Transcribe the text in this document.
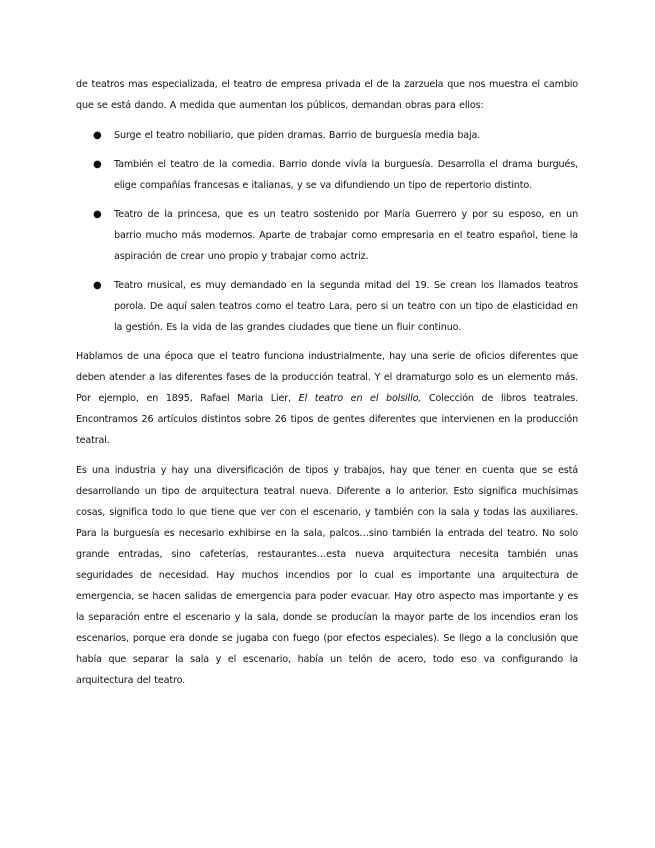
de teatros mas especializada, el teatro de empresa privada el de la zarzuela que nos muestra el cambio que se está dando. A medida que aumentan los públicos, demandan obras para ellos:

● Surge el teatro nobiliario, que piden dramas. Barrio de burguesía media baja.
● También el teatro de la comedia. Barrio donde vivía la burguesía. Desarrolla el drama burgués, elige compañías francesas e italianas, y se va difundiendo un tipo de repertorio distinto.
● Teatro de la princesa, que es un teatro sostenido por María Guerrero y por su esposo, en un barrio mucho más modernos. Aparte de trabajar como empresaria en el teatro español, tiene la aspiración de crear uno propio y trabajar como actriz.
● Teatro musical, es muy demandado en la segunda mitad del 19. Se crean los llamados teatros porola. De aquí salen teatros como el teatro Lara, pero si un teatro con un tipo de elasticidad en la gestión. Es la vida de las grandes ciudades que tiene un fluir continuo.

Hablamos de una época que el teatro funciona industrialmente, hay una serie de oficios diferentes que deben atender a las diferentes fases de la producción teatral. Y el dramaturgo solo es un elemento más. Por ejemplo, en 1895, Rafael Maria Lier, El teatro en el bolsillo, Colección de libros teatrales. Encontramos 26 artículos distintos sobre 26 tipos de gentes diferentes que intervienen en la producción teatral.

Es una industria y hay una diversificación de tipos y trabajos, hay que tener en cuenta que se está desarrollando un tipo de arquitectura teatral nueva. Diferente a lo anterior. Esto significa muchísimas cosas, significa todo lo que tiene que ver con el escenario, y también con la sala y todas las auxiliares. Para la burguesía es necesario exhibirse en la sala, palcos…sino también la entrada del teatro. No solo grande entradas, sino cafeterías, restaurantes…esta nueva arquitectura necesita también unas seguridades de necesidad. Hay muchos incendios por lo cual es importante una arquitectura de emergencia, se hacen salidas de emergencia para poder evacuar. Hay otro aspecto mas importante y es la separación entre el escenario y la sala, donde se producían la mayor parte de los incendios eran los escenarios, porque era donde se jugaba con fuego (por efectos especiales). Se llego a la conclusión que había que separar la sala y el escenario, había un telón de acero, todo eso va configurando la arquitectura del teatro.
